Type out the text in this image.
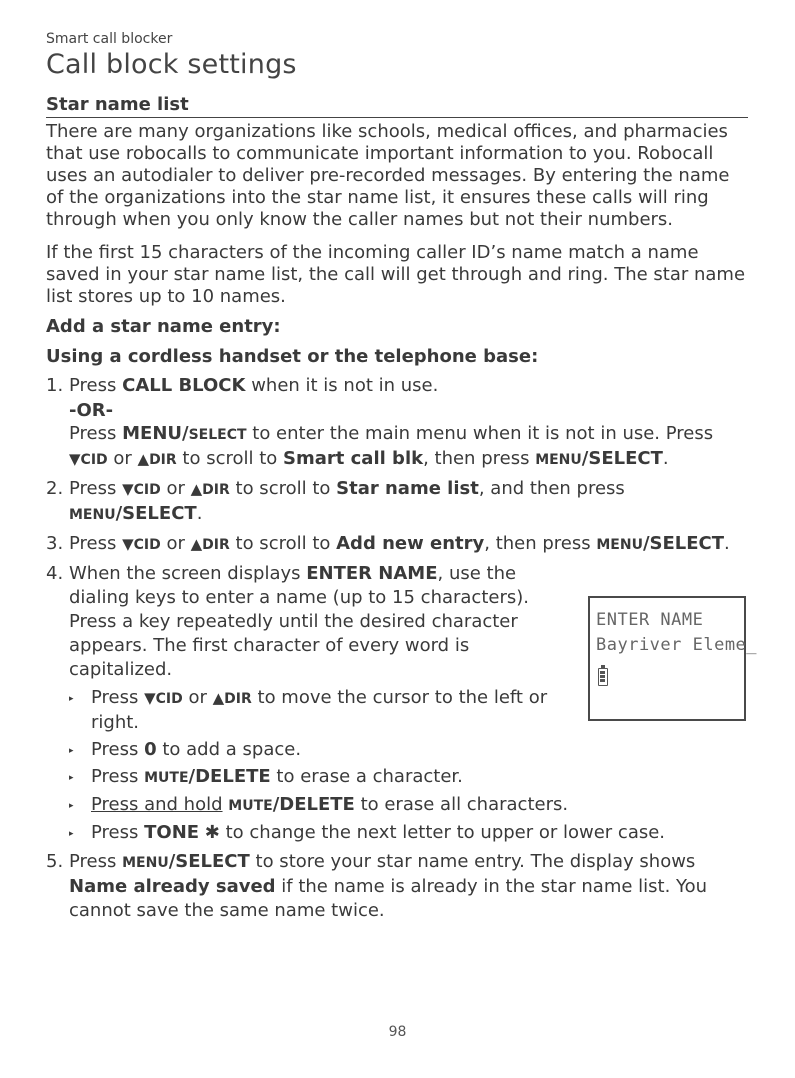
Smart call blocker

Call block settings
Star name list

There are many organizations like schools, medical offices, and pharmacies that use robocalls to communicate important information to you. Robocall uses an autodialer to deliver pre-recorded messages. By entering the name of the organizations into the star name list, it ensures these calls will ring through when you only know the caller names but not their numbers.

If the first 15 characters of the incoming caller ID’s name match a name saved in your star name list, the call will get through and ring. The star name list stores up to 10 names.

Add a star name entry:
Using a cordless handset or the telephone base:
1. Press CALL BLOCK when it is not in use.
-OR-
Press MENU/SELECT to enter the main menu when it is not in use. Press ▼CID or ▲DIR to scroll to Smart call blk, then press MENU/SELECT.
2. Press ▼CID or ▲DIR to scroll to Star name list, and then press
MENU/SELECT.
3. Press ▼CID or ▲DIR to scroll to Add new entry, then press MENU/SELECT.
4. When the screen displays ENTER NAME, use the dialing keys to enter a name (up to 15 characters). Press a key repeatedly until the desired character appears. The first character of every word is capitalized.
▸ Press ▼CID or ▲DIR to move the cursor to the left or right.
▸ Press 0 to add a space.
▸ Press MUTE/DELETE to erase a character.
▸ Press and hold MUTE/DELETE to erase all characters.
▸ Press TONE ✱ to change the next letter to upper or lower case.
5. Press MENU/SELECT to store your star name entry. The display shows Name already saved if the name is already in the star name list. You cannot save the same name twice.
ENTER NAME
Bayriver Eleme_
98
